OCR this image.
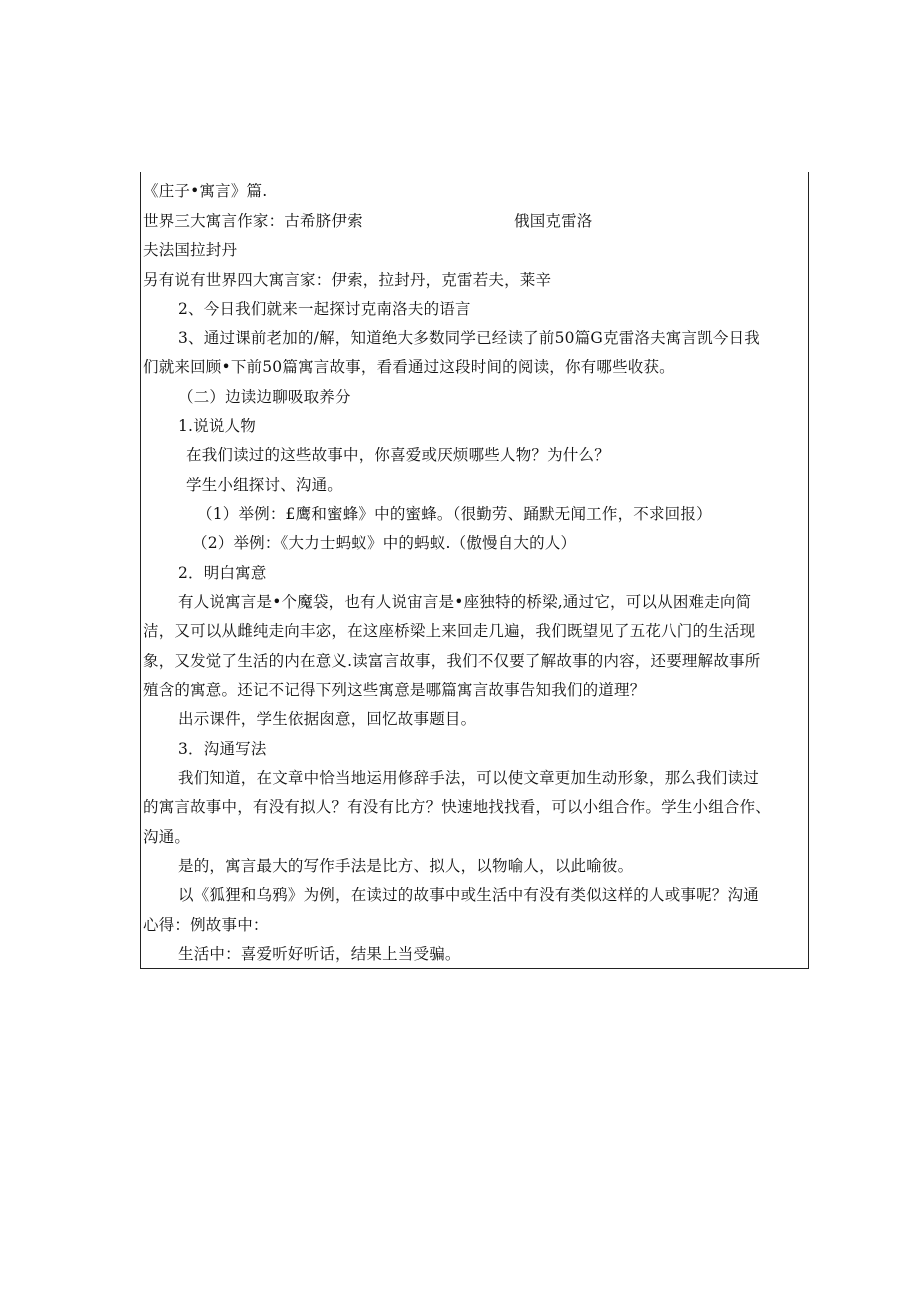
《庄子•寓言》篇.
世界三大寓言作家：古希脐伊索	俄国克雷洛
夫法国拉封丹
另有说有世界四大寓言家：伊索，拉封丹，克雷若夫，莱辛
2、今日我们就来一起探讨克南洛夫的语言
3、通过课前老加的/解，知道绝大多数同学已经读了前50篇G克雷洛夫寓言凯今日我
们就来回顾•下前50篇寓言故事，看看通过这段时间的阅读，你有哪些收获。
（二）边读边聊吸取养分
1.说说人物
在我们读过的这些故事中，你喜爱或厌烦哪些人物？为什么？
学生小组探讨、沟通。
（1）举例：£鹰和蜜蜂》中的蜜蜂。（很勤劳、踊默无闻工作，不求回报）
（2）举例：《大力士蚂蚁》中的蚂蚁.（傲慢自大的人）
2．明白寓意
有人说寓言是•个魔袋，也有人说宙言是•座独特的桥梁,通过它，可以从困难走向简
洁，又可以从雌纯走向丰宓，在这座桥梁上来回走几遍，我们既望见了五花八门的生活现
象，又发觉了生活的内在意义.读富言故事，我们不仅要了解故事的内容，还要理解故事所
殖含的寓意。还记不记得下列这些寓意是哪篇寓言故事告知我们的道理？
出示课件，学生依据囱意，回忆故事题目。
3．沟通写法
我们知道，在文章中恰当地运用修辞手法，可以使文章更加生动形象，那么我们读过
的寓言故事中，有没有拟人？有没有比方？快速地找找看，可以小组合作。学生小组合作、
沟通。
是的，寓言最大的写作手法是比方、拟人，以物喻人，以此喻彼。
以《狐狸和乌鸦》为例，在读过的故事中或生活中有没有类似这样的人或事呢？沟通
心得：例故事中：
生活中：喜爱听好听话，结果上当受骗。
